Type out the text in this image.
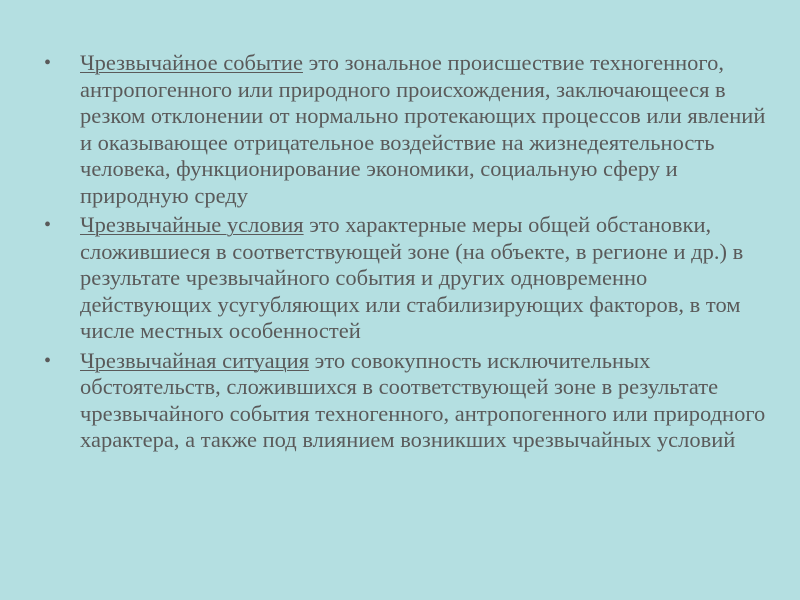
• Чрезвычайное событие это зональное происшествие техногенного, антропогенного или природного происхождения, заключающееся в резком отклонении от нормально протекающих процессов или явлений и оказывающее отрицательное воздействие на жизнедеятельность человека, функционирование экономики, социальную сферу и природную среду
• Чрезвычайные условия это характерные меры общей обстановки, сложившиеся в соответствующей зоне (на объекте, в регионе и др.) в результате чрезвычайного события и других одновременно действующих усугубляющих или стабилизирующих факторов, в том числе местных особенностей
• Чрезвычайная ситуация это совокупность исключительных обстоятельств, сложившихся в соответствующей зоне в результате чрезвычайного события техногенного, антропогенного или природного характера, а также под влиянием возникших чрезвычайных условий
